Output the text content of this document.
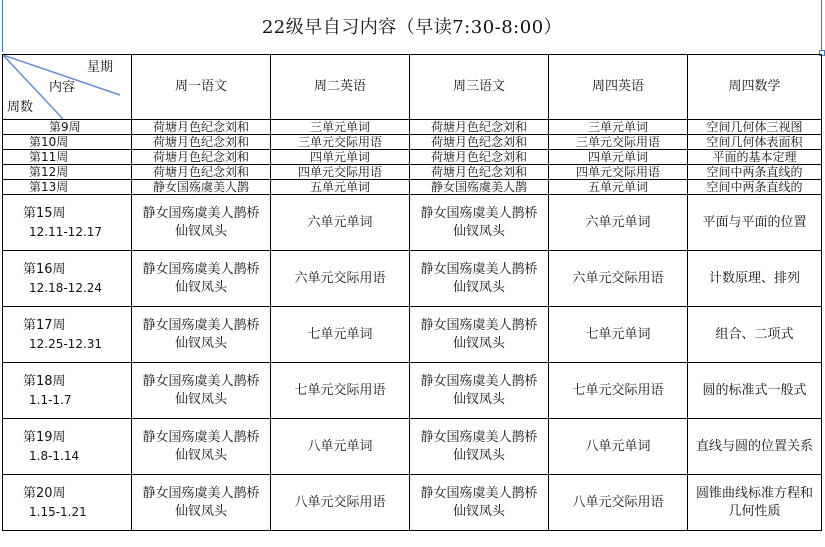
22级早自习内容（早读7:30-8:00）
星期
内容
周数	周一语文	周二英语	周三语文	周四英语	周四数学

第9周	荷塘月色纪念刘和	三单元单词	荷塘月色纪念刘和	三单元单词	空间几何体三视图

第10周	荷塘月色纪念刘和	三单元交际用语	荷塘月色纪念刘和	三单元交际用语	空间几何体表面积

第11周	荷塘月色纪念刘和	四单元单词	荷塘月色纪念刘和	四单元单词	平面的基本定理

第12周	荷塘月色纪念刘和	四单元交际用语	荷塘月色纪念刘和	四单元交际用语	空间中两条直线的

第13周	静女国殇虞美人鹊	五单元单词	静女国殇虞美人鹊	五单元单词	空间中两条直线的

第15周
12.11-12.17	静女国殇虞美人鹊桥仙钗凤头	六单元单词	静女国殇虞美人鹊桥仙钗凤头	六单元单词	平面与平面的位置

第16周
12.18-12.24	静女国殇虞美人鹊桥仙钗凤头	六单元交际用语	静女国殇虞美人鹊桥仙钗凤头	六单元交际用语	计数原理、排列

第17周
12.25-12.31	静女国殇虞美人鹊桥仙钗凤头	七单元单词	静女国殇虞美人鹊桥仙钗凤头	七单元单词	组合、二项式

第18周
1.1-1.7	静女国殇虞美人鹊桥仙钗凤头	七单元交际用语	静女国殇虞美人鹊桥仙钗凤头	七单元交际用语	圆的标准式一般式

第19周
1.8-1.14	静女国殇虞美人鹊桥仙钗凤头	八单元单词	静女国殇虞美人鹊桥仙钗凤头	八单元单词	直线与圆的位置关系

第20周
1.15-1.21	静女国殇虞美人鹊桥仙钗凤头	八单元交际用语	静女国殇虞美人鹊桥仙钗凤头	八单元交际用语	圆锥曲线标准方程和几何性质
